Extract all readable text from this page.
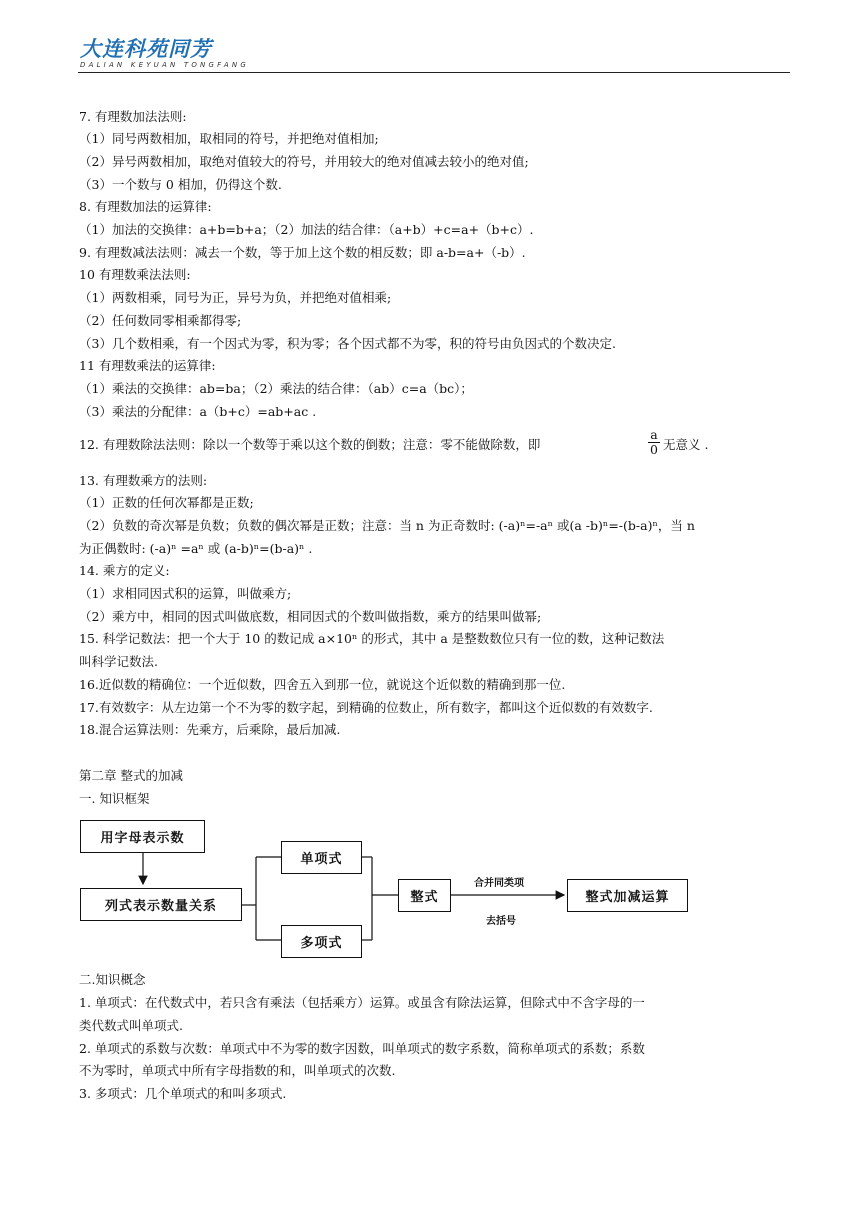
大连科苑同芳
DALIAN KEYUAN TONGFANG
7. 有理数加法法则:
（1）同号两数相加，取相同的符号，并把绝对值相加;
（2）异号两数相加，取绝对值较大的符号，并用较大的绝对值减去较小的绝对值;
（3）一个数与 0 相加，仍得这个数.
8. 有理数加法的运算律:
（1）加法的交换律：a+b=b+a；（2）加法的结合律：（a+b）+c=a+（b+c）.
9. 有理数减法法则：减去一个数，等于加上这个数的相反数；即 a-b=a+（-b）.
10 有理数乘法法则:
（1）两数相乘，同号为正，异号为负，并把绝对值相乘;
（2）任何数同零相乘都得零;
（3）几个数相乘，有一个因式为零，积为零；各个因式都不为零，积的符号由负因式的个数决定.
11 有理数乘法的运算律:
（1）乘法的交换律：ab=ba；（2）乘法的结合律：（ab）c=a（bc）；
（3）乘法的分配律：a（b+c）=ab+ac .
12. 有理数除法法则：除以一个数等于乘以这个数的倒数；注意：零不能做除数，即	$\frac{a}{0}$ 无意义 .
13. 有理数乘方的法则:
（1）正数的任何次幂都是正数;
（2）负数的奇次幂是负数；负数的偶次幂是正数；注意：当 n 为正奇数时: (-a)ⁿ=-aⁿ 或(a -b)ⁿ=-(b-a)ⁿ，当 n
为正偶数时: (-a)ⁿ =aⁿ 或 (a-b)ⁿ=(b-a)ⁿ .
14. 乘方的定义:
（1）求相同因式积的运算，叫做乘方;
（2）乘方中，相同的因式叫做底数，相同因式的个数叫做指数，乘方的结果叫做幂;
15. 科学记数法：把一个大于 10 的数记成 a×10ⁿ 的形式，其中 a 是整数数位只有一位的数，这种记数法
叫科学记数法.
16.近似数的精确位：一个近似数，四舍五入到那一位，就说这个近似数的精确到那一位.
17.有效数字：从左边第一个不为零的数字起，到精确的位数止，所有数字，都叫这个近似数的有效数字.
18.混合运算法则：先乘方，后乘除，最后加减.
第二章 整式的加减
一. 知识框架
用字母表示数
列式表示数量关系
单项式
多项式
整式	整式加减运算
合并同类项
去括号
二.知识概念
1. 单项式：在代数式中，若只含有乘法（包括乘方）运算。或虽含有除法运算，但除式中不含字母的一
类代数式叫单项式.
2. 单项式的系数与次数：单项式中不为零的数字因数，叫单项式的数字系数，简称单项式的系数；系数
不为零时，单项式中所有字母指数的和，叫单项式的次数.
3. 多项式：几个单项式的和叫多项式.
